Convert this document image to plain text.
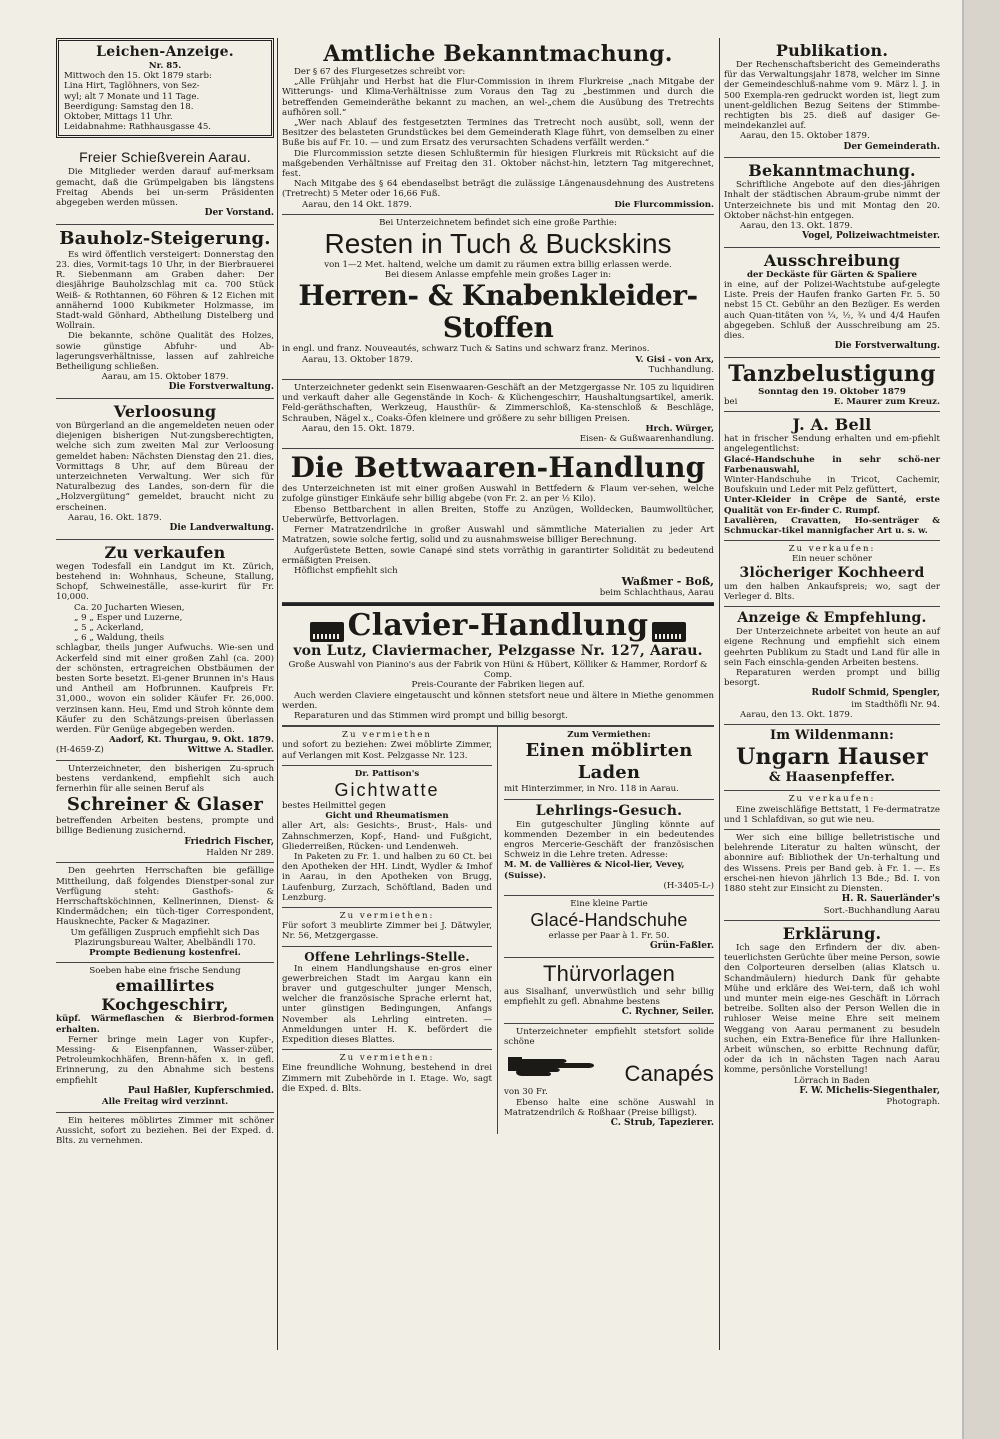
Leichen-Anzeige.
Nr. 85.
Mittwoch den 15. Okt 1879 starb:
Lina Hirt, Taglöhners, von Sez-
wyl; alt 7 Monate und 11 Tage.
Beerdigung: Samstag den 18.
Oktober, Mittags 11 Uhr.
Leidabnahme: Rathhausgasse 45.
Freier Schießverein Aarau.
Die Mitglieder werden darauf auf-merksam gemacht, daß die Grümpelgaben bis längstens Freitag Abends bei un-serm Präsidenten abgegeben werden müssen.
Der Vorstand.
Bauholz-Steigerung.
Es wird öffentlich versteigert: Donnerstag den 23. dies, Vormit-tags 10 Uhr, in der Bierbrauerei R. Siebenmann am Graben daher: Der diesjährige Bauholzschlag mit ca. 700 Stück Weiß- & Rothtannen, 60 Föhren & 12 Eichen mit annähernd 1000 Kubikmeter Holzmasse, im Stadt-wald Gönhard, Abtheilung Distelberg und Wollrain.
Die bekannte, schöne Qualität des Holzes, sowie günstige Abfuhr- und Ab-lagerungsverhältnisse, lassen auf zahlreiche Betheiligung schließen.
Aarau, am 15. Oktober 1879.
Die Forstverwaltung.
Verloosung
von Bürgerland an die angemeldeten neuen oder diejenigen bisherigen Nut-zungsberechtigten, welche sich zum zweiten Mal zur Verloosung gemeldet haben: Nächsten Dienstag den 21. dies, Vormittags 8 Uhr, auf dem Büreau der unterzeichneten Verwaltung. Wer sich für Naturalbezug des Landes, son-dern für die „Holzvergütung“ gemeldet, braucht nicht zu erscheinen.
Aarau, 16. Okt. 1879.
Die Landverwaltung.
Zu verkaufen
wegen Todesfall ein Landgut im Kt. Zürich, bestehend in: Wohnhaus, Scheune, Stallung, Schopf, Schweineställe, asse-kurirt für Fr. 10,000.
Ca. 20 Jucharten Wiesen,
„ 9 „ Esper und Luzerne,
„ 5 „ Ackerland,
„ 6 „ Waldung, theils
schlagbar, theils junger Aufwuchs. Wie-sen und Ackerfeld sind mit einer großen Zahl (ca. 200) der schönsten, ertragreichen Obstbäumen der besten Sorte besetzt. Ei-gener Brunnen in's Haus und Antheil am Hofbrunnen. Kaufpreis Fr. 31,000., wovon ein solider Käufer Fr. 26,000. verzinsen kann. Heu, Emd und Stroh könnte dem Käufer zu den Schätzungs-preisen überlassen werden. Für Genüge abgegeben werden.
Aadorf, Kt. Thurgau, 9. Okt. 1879.
(H-4659-Z)	Wittwe A. Stadler.
Unterzeichneter, den bisherigen Zu-spruch bestens verdankend, empfiehlt sich auch fernerhin für alle seinen Beruf als
Schreiner & Glaser
betreffenden Arbeiten bestens, prompte und billige Bedienung zusichernd.
Friedrich Fischer,
Halden Nr 289.
Den geehrten Herrschaften bie gefällige Mittheilung, daß folgendes Dienstper-sonal zur Verfügung steht: Gasthofs- & Herrschaftsköchinnen, Kellnerinnen, Dienst- & Kindermädchen; ein tüch-tiger Correspondent, Hausknechte, Packer & Magaziner.
Um gefälligen Zuspruch empfiehlt sich Das Plazirungsbureau Walter, Abelbändli 170.
Prompte Bedienung kostenfrei.
Soeben habe eine frische Sendung
emaillirtes Kochgeschirr,
küpf. Wärmeflaschen & Bierbrod-formen erhalten.
Ferner bringe mein Lager von Kupfer-, Messing- & Eisenpfannen, Wasser-züber, Petroleumkochhäfen, Brenn-häfen x. in gefl. Erinnerung, zu den Abnahme sich bestens empfiehlt
Paul Haßler, Kupferschmied.
Alle Freitag wird verzinnt.
Ein heiteres möblirtes Zimmer mit schöner Aussicht, sofort zu beziehen. Bei der Exped. d. Blts. zu vernehmen.
Amtliche Bekanntmachung.
Der § 67 des Flurgesetzes schreibt vor:
„Alle Frühjahr und Herbst hat die Flur-Commission in ihrem Flurkreise „nach Mitgabe der Witterungs- und Klima-Verhältnisse zum Voraus den Tag zu „bestimmen und durch die betreffenden Gemeinderäthe bekannt zu machen, an wel-„chem die Ausübung des Tretrechts aufhören soll.“
„Wer nach Ablauf des festgesetzten Termines das Tretrecht noch ausübt, soll, wenn der Besitzer des belasteten Grundstückes bei dem Gemeinderath Klage führt, von demselben zu einer Buße bis auf Fr. 10. — und zum Ersatz des verursachten Schadens verfällt werden.“
Die Flurcommission setzte diesen Schlußtermin für hiesigen Flurkreis mit Rücksicht auf die maßgebenden Verhältnisse auf Freitag den 31. Oktober nächst-hin, letztern Tag mitgerechnet, fest.
Nach Mitgabe des § 64 ebendaselbst beträgt die zulässige Längenausdehnung des Austretens (Tretrecht) 5 Meter oder 16,66 Fuß.
Aarau, den 14 Okt. 1879.	Die Flurcommission.
Bei Unterzeichnetem befindet sich eine große Parthie:
Resten in Tuch & Buckskins
von 1—2 Met. haltend, welche um damit zu räumen extra billig erlassen werde.
Bei diesem Anlasse empfehle mein großes Lager in:
Herren- & Knabenkleider-Stoffen
in engl. und franz. Nouveautés, schwarz Tuch & Satins und schwarz franz. Merinos.
Aarau, 13. Oktober 1879.	V. Gisi - von Arx,
Tuchhandlung.
Unterzeichneter gedenkt sein Eisenwaaren-Geschäft an der Metzgergasse Nr. 105 zu liquidiren und verkauft daher alle Gegenstände in Koch- & Küchengeschirr, Haushaltungsartikel, amerik. Feld-geräthschaften, Werkzeug, Hausthür- & Zimmerschloß, Ka-stenschloß & Beschläge, Schrauben, Nägel x., Coaks-Öfen kleinere und größere zu sehr billigen Preisen.
Aarau, den 15. Okt. 1879.	Hrch. Würger,
Eisen- & Gußwaarenhandlung.
Die Bettwaaren-Handlung
des Unterzeichneten ist mit einer großen Auswahl in Bettfedern & Flaum ver-sehen, welche zufolge günstiger Einkäufe sehr billig abgebe (von Fr. 2. an per ½ Kilo).
Ebenso Bettbarchent in allen Breiten, Stoffe zu Anzügen, Wolldecken, Baumwolltücher, Ueberwürfe, Bettvorlagen.
Ferner Matratzendrilche in großer Auswahl und sämmtliche Materialien zu jeder Art Matratzen, sowie solche fertig, solid und zu ausnahmsweise billiger Berechnung.
Aufgerüstete Betten, sowie Canapé sind stets vorräthig in garantirter Solidität zu bedeutend ermäßigten Preisen.
Höflichst empfiehlt sich
Waßmer - Boß,
beim Schlachthaus, Aarau
Clavier-Handlung
von Lutz, Claviermacher, Pelzgasse Nr. 127, Aarau.
Große Auswahl von Pianino's aus der Fabrik von Hüni & Hübert, Kölliker & Hammer, Rordorf & Comp.
Preis-Courante der Fabriken liegen auf.
Auch werden Claviere eingetauscht und können stetsfort neue und ältere in Miethe genommen werden.
Reparaturen und das Stimmen wird prompt und billig besorgt.
Zu vermiethen
und sofort zu beziehen: Zwei möblirte Zimmer, auf Verlangen mit Kost. Pelzgasse Nr. 123.
Dr. Pattison's
Gichtwatte
bestes Heilmittel gegen
Gicht und Rheumatismen
aller Art, als: Gesichts-, Brust-, Hals- und Zahnschmerzen, Kopf-, Hand- und Fußgicht, Gliederreißen, Rücken- und Lendenweh.
In Paketen zu Fr. 1. und halben zu 60 Ct. bei den Apotheken der HH. Lindt, Wydler & Imhof in Aarau, in den Apotheken von Brugg, Laufenburg, Zurzach, Schöftland, Baden und Lenzburg.
Zu vermiethen:
Für sofort 3 meublirte Zimmer bei J. Dätwyler, Nr. 56, Metzgergasse.
Offene Lehrlings-Stelle.
In einem Handlungshause en-gros einer gewerbreichen Stadt im Aargau kann ein braver und gutgeschulter junger Mensch, welcher die französische Sprache erlernt hat, unter günstigen Bedingungen, Anfangs November als Lehrling eintreten. — Anmeldungen unter H. K. befördert die Expedition dieses Blattes.
Zu vermiethen:
Eine freundliche Wohnung, bestehend in drei Zimmern mit Zubehörde in I. Etage. Wo, sagt die Exped. d. Blts.
Zum Vermiethen:
Einen möblirten Laden
mit Hinterzimmer, in Nro. 118 in Aarau.
Lehrlings-Gesuch.
Ein gutgeschulter Jüngling könnte auf kommenden Dezember in ein bedeutendes engros Mercerie-Geschäft der französischen Schweiz in die Lehre treten. Adresse:
M. M. de Vallières & Nicol-lier, Vevey, (Suisse).
(H-3405-L-)
Eine kleine Partie
Glacé-Handschuhe
erlasse per Paar à 1. Fr. 50.
Grün-Faßler.
Thürvorlagen
aus Sisalhanf, unverwüstlich und sehr billig empfiehlt zu gefl. Abnahme bestens
C. Rychner, Seiler.
Unterzeichneter empfiehlt stetsfort solide schöne
Canapés
von 30 Fr.
Ebenso halte eine schöne Auswahl in Matratzendrilch & Roßhaar (Preise billigst).
C. Strub, Tapezierer.
Publikation.
Der Rechenschaftsbericht des Gemeinderaths für das Verwaltungsjahr 1878, welcher im Sinne der Gemeindeschluß-nahme vom 9. März l. J. in 500 Exempla-ren gedruckt worden ist, liegt zum unent-geldlichen Bezug Seitens der Stimmbe-rechtigten bis 25. dieß auf dasiger Ge-meindekanzlei auf.
Aarau, den 15. Oktober 1879.
Der Gemeinderath.
Bekanntmachung.
Schriftliche Angebote auf den dies-jährigen Inhalt der städtischen Abraum-grube nimmt der Unterzeichnete bis und mit Montag den 20. Oktober nächst-hin entgegen.
Aarau, den 13. Okt. 1879.
Vogel, Polizeiwachtmeister.
Ausschreibung
der Deckäste für Gärten & Spaliere
in eine, auf der Polizei-Wachtstube auf-gelegte Liste. Preis der Haufen franko Garten Fr. 5. 50 nebst 15 Ct. Gebühr an den Bezüger. Es werden auch Quan-titäten von ¼, ½, ¾ und 4/4 Haufen abgegeben. Schluß der Ausschreibung am 25. dies.
Die Forstverwaltung.
Tanzbelustigung
Sonntag den 19. Oktober 1879
bei	E. Maurer zum Kreuz.
J. A. Bell
hat in frischer Sendung erhalten und em-pfiehlt angelegentlichst:
Glacé-Handschuhe in sehr schö-ner Farbenauswahl,
Winter-Handschuhe in Tricot, Cachemir, Boufskuin und Leder mit Pelz gefüttert,
Unter-Kleider in Crêpe de Santé, erste Qualität von Er-finder C. Rumpf.
Lavalièren, Cravatten, Ho-senträger & Schmuckar-tikel mannigfacher Art u. s. w.
Zu verkaufen:
Ein neuer schöner
3löcheriger Kochheerd
um den halben Ankaufspreis; wo, sagt der Verleger d. Blts.
Anzeige & Empfehlung.
Der Unterzeichnete arbeitet von heute an auf eigene Rechnung und empfiehlt sich einem geehrten Publikum zu Stadt und Land für alle in sein Fach einschla-genden Arbeiten bestens.
Reparaturen werden prompt und billig besorgt.
Rudolf Schmid, Spengler,
im Stadthöfli Nr. 94.
Aarau, den 13. Okt. 1879.
Im Wildenmann:
Ungarn Hauser
& Haasenpfeffer.
Zu verkaufen:
Eine zweischläfige Bettstatt, 1 Fe-dermatratze und 1 Schlafdivan, so gut wie neu.
Wer sich eine billige belletristische und belehrende Literatur zu halten wünscht, der abonnire auf: Bibliothek der Un-terhaltung und des Wissens. Preis per Band geb. à Fr. 1. —. Es erschei-nen hievon jährlich 13 Bde.; Bd. I. von 1880 steht zur Einsicht zu Diensten.
H. R. Sauerländer's
Sort.-Buchhandlung Aarau
Erklärung.
Ich sage den Erfindern der div. aben-teuerlichsten Gerüchte über meine Person, sowie den Colporteuren derselben (alias Klatsch u. Schandmäulern) hiedurch Dank für gehabte Mühe und erkläre des Wei-tern, daß ich wohl und munter mein eige-nes Geschäft in Lörrach betreibe. Sollten also der Person Wellen die in ruhloser Weise meine Ehre seit meinem Weggang von Aarau permanent zu besudeln suchen, ein Extra-Benefice für ihre Hallunken-Arbeit wünschen, so erbitte Rechnung dafür, oder da ich in nächsten Tagen nach Aarau komme, persönliche Vorstellung!
Lörrach in Baden
F. W. Michelis-Siegenthaler,
Photograph.
